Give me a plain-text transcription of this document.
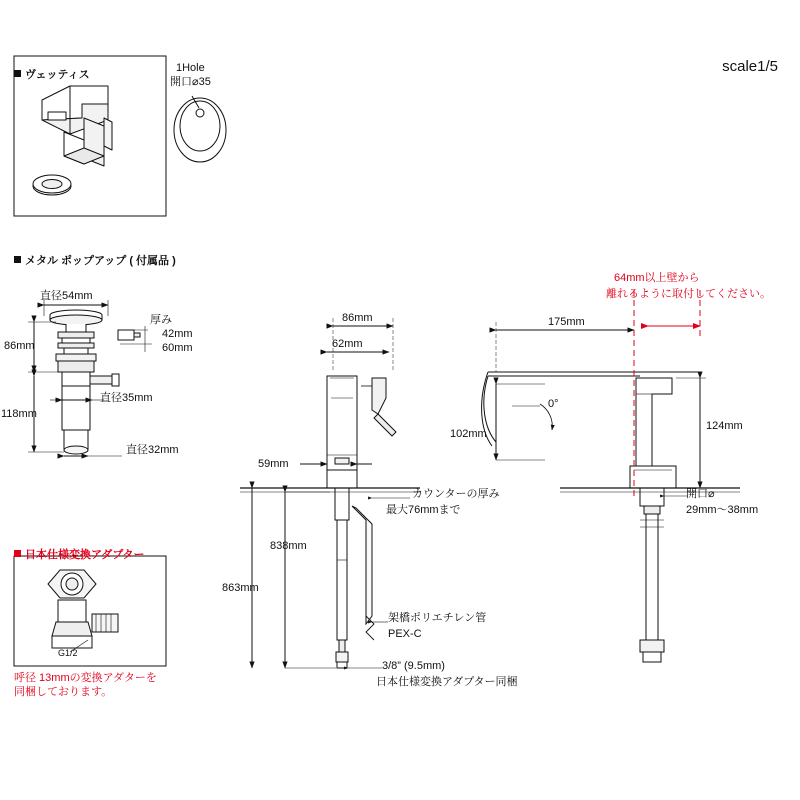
scale1/5
ヴェッティス
1Hole
開口⌀35
メタル ポップアップ ( 付属品 )
直径54mm
厚み
42mm
60mm
86mm
118mm
直径35mm
直径32mm
日本仕様変換アダプター
G1/2
呼径 13mmの変換アダターを
同梱しております。
64mm以上壁から
離れるように取付してください。
86mm
62mm
59mm
175mm
102mm
124mm
0°
838mm
863mm
カウンターの厚み
最大76mmまで
開口⌀
29mm〜38mm
架橋ポリエチレン管
PEX-C
3/8” (9.5mm)
日本仕様変換アダプター同梱
